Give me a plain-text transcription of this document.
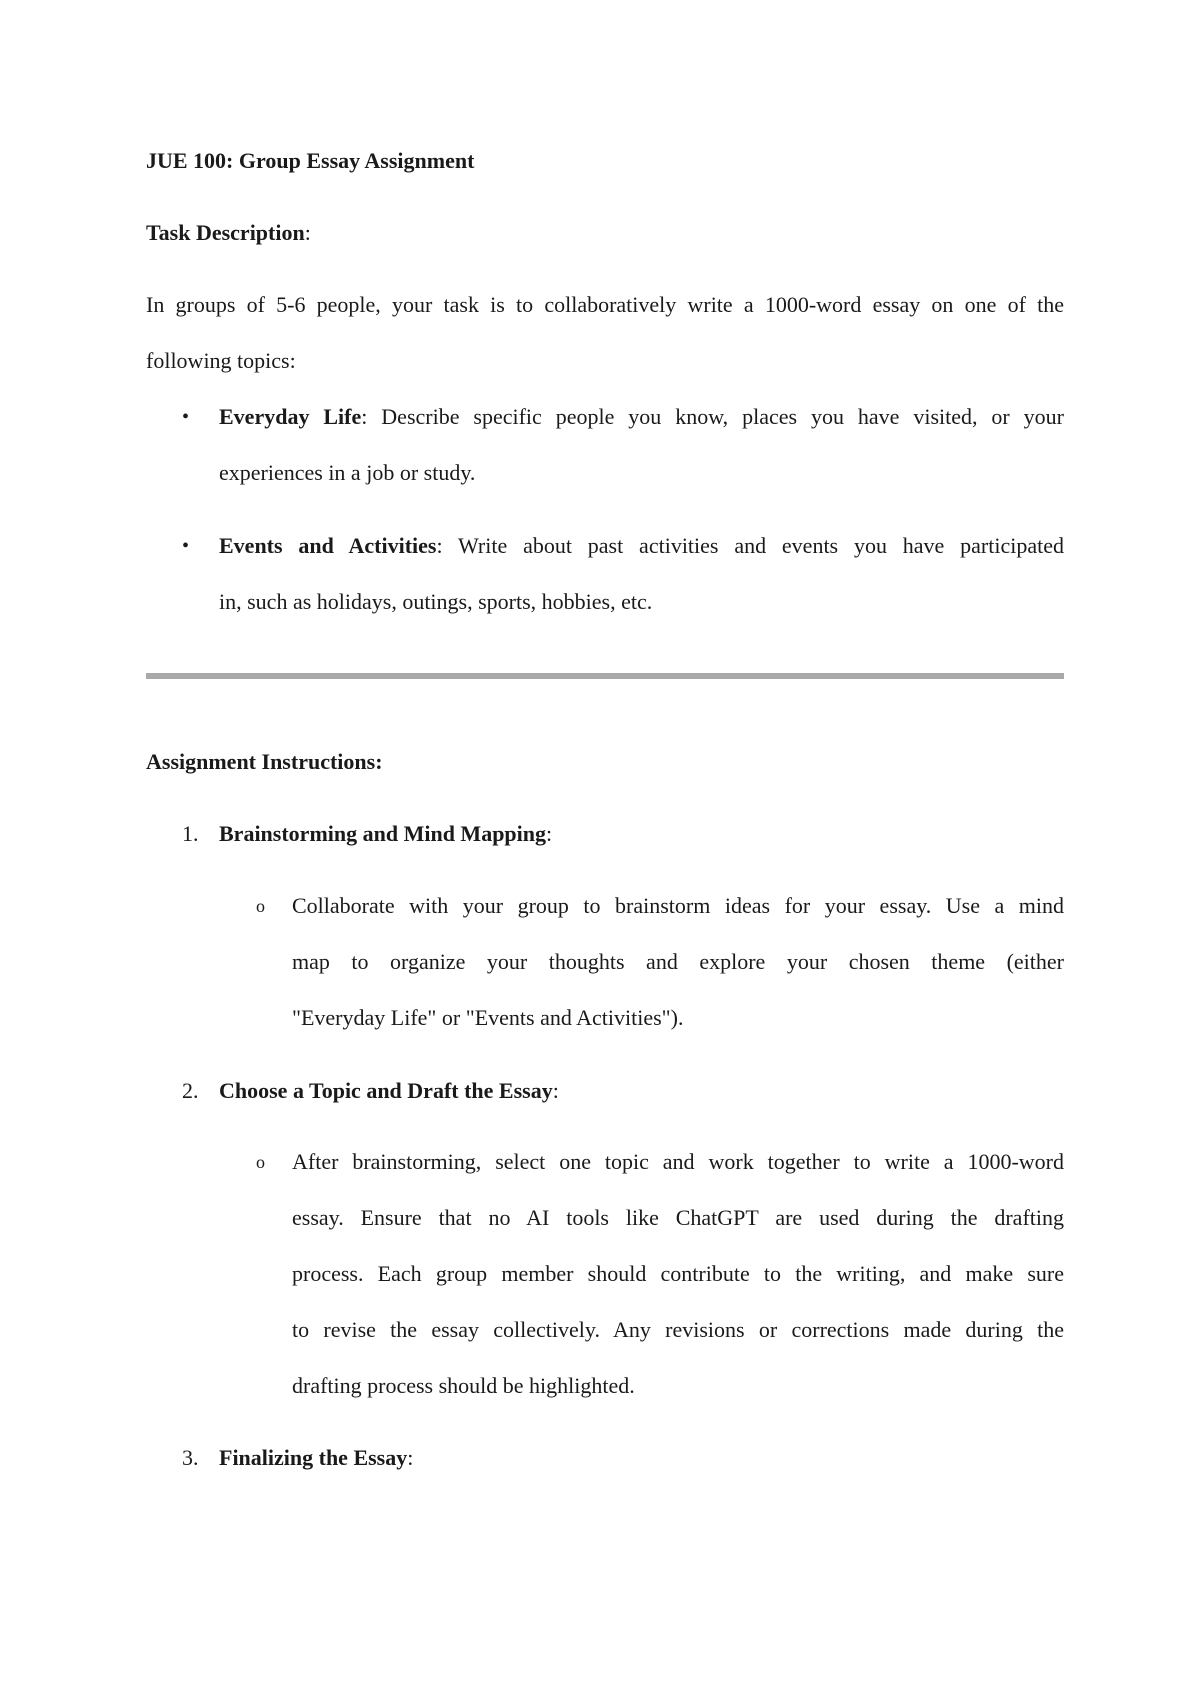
JUE 100: Group Essay Assignment

Task Description:

In groups of 5-6 people, your task is to collaboratively write a 1000-word essay on one of the
following topics:
•	Everyday Life: Describe specific people you know, places you have visited, or your
experiences in a job or study.
•	Events and Activities: Write about past activities and events you have participated
in, such as holidays, outings, sports, hobbies, etc.

Assignment Instructions:

1. Brainstorming and Mind Mapping:
o	Collaborate with your group to brainstorm ideas for your essay. Use a mind
map to organize your thoughts and explore your chosen theme (either
"Everyday Life" or "Events and Activities").
2. Choose a Topic and Draft the Essay:
o	After brainstorming, select one topic and work together to write a 1000-word
essay. Ensure that no AI tools like ChatGPT are used during the drafting
process. Each group member should contribute to the writing, and make sure
to revise the essay collectively. Any revisions or corrections made during the
drafting process should be highlighted.
3. Finalizing the Essay:
